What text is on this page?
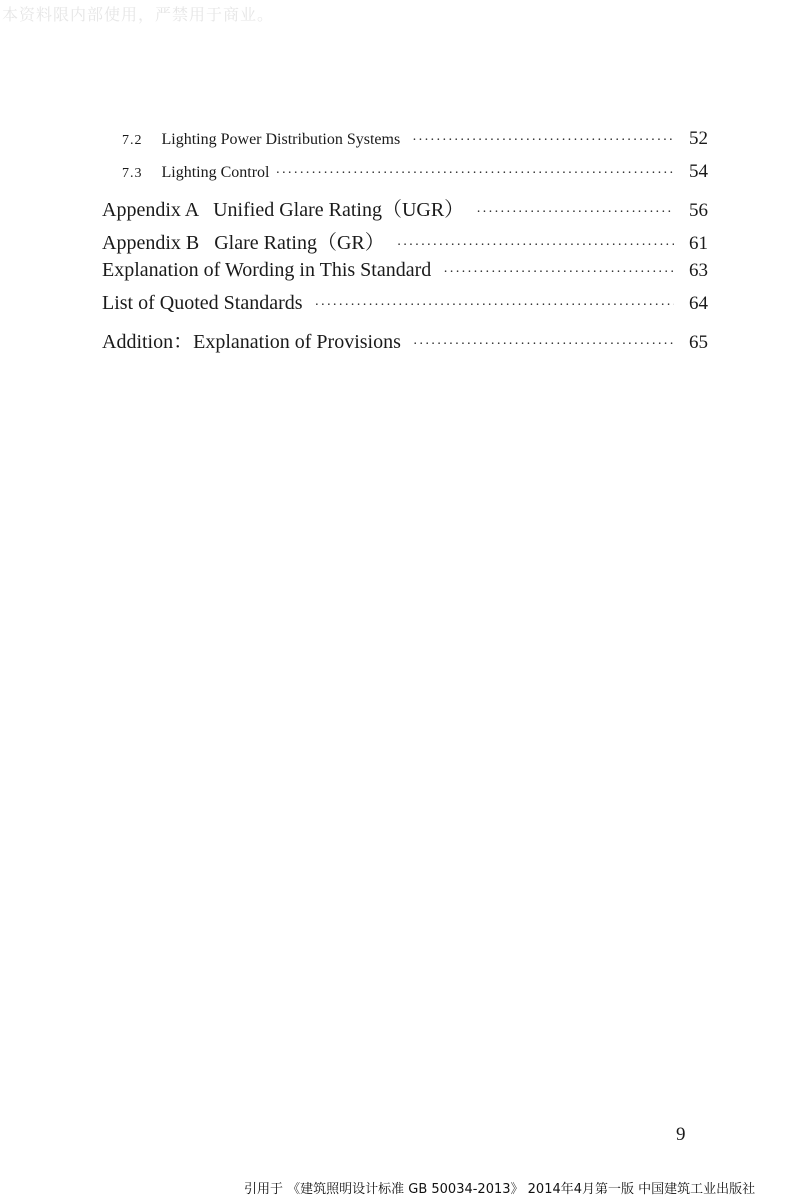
本资料限内部使用，严禁用于商业。
7.2 Lighting Power Distribution Systems ·····	52
7.3 Lighting Control ·····	54
Appendix A   Unified Glare Rating（UGR） ·····	56
Appendix B   Glare Rating（GR） ·····	61
Explanation of Wording in This Standard ·····	63
List of Quoted Standards ·····	64
Addition：Explanation of Provisions ·····	65
9
引用于 《建筑照明设计标准 GB 50034-2013》 2014年4月第一版 中国建筑工业出版社
